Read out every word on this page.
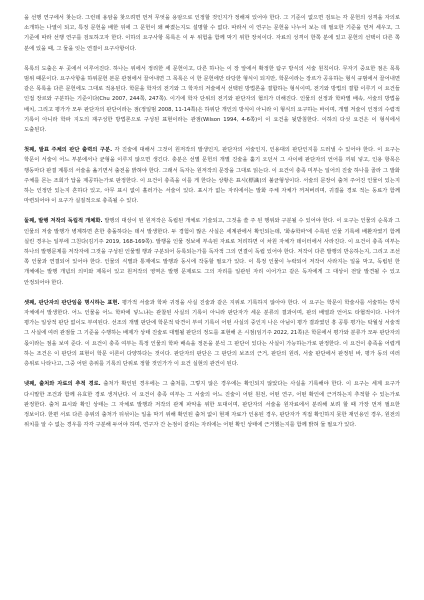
을 선행 연구에서 찾는다. 그런데 용암을 찾으려면 먼저 무엇을 용암으로 인정할 것인지가 정해져 있어야 한다. 그 기준이 없으면 검토는 각 문헌의 성격을 자의로 소개하는 나열이 되고, 특정 문헌을 배한 뒤에 그 문헌이 왜 빠졌는지도 설명할 수 없다. 따라서 이 연구는 문헌을 나누어 보는 데 필요한 기준을 먼저 세우고, 그 기준에 따라 선행 연구를 검토하고자 한다. 이하의 요구사항 목록은 이 두 위험을 함께 막기 위한 장치이다. 자료의 성격이 한쪽 분에 있고 문헌의 선택이 다른 쪽 분에 있을 때, 그 둘을 잇는 연결이 요구사항이다.

목록의 도출은 두 곳에서 이루어진다. 하나는 위에서 정리한 세 문헌이고, 다른 하나는 이 장 앞에서 확정한 탐구 방식의 서술 원칙이다. 무자기 중요한 점은 목록 범위 때문이다. 요구사항을 하위문헌 본문 관점에서 끌어내면 그 목록은 이 한 문헌에만 타당한 형식이 되지만, 학문이라는 장르가 공유하는 형식 규범에서 끌어내면 같은 목록을 다른 문헌에도 그대로 적용된다. 학문을 학자의 전기와 그 학자의 저술에서 선택된 방법론을 결합하는 형식이며, 전기와 방법의 결합 이루기 이 요건들 인접 장르와 구분하는 기준이다(Chu 2007, 244쪽, 247쪽). 이기에 학자 단위의 전기와 판단자의 협의가 더해진다. 인물의 선정과 학파별 배속, 서술의 방법을 배치, 그리고 평가가 모두 판단자의 판단이라는 점(정일범 2008, 11-14쪽)은 하위단 개인의 방식이 아니라 이 형식의 요구하는 바이며, 개별 저술이 인정의 수렴적 기록이 아니라 학파 지도의 재구성한 방법론으로 구성된 표현이라는 관점(Wilson 1994, 4-6쪽)이 이 요건을 뒷받침한다. 이하의 다섯 요건은 이 형식에서 도출된다.

첫째, 발표 주체의 판단 출력의 구분. 각 진술에 대해서 그것이 원저작의 발생인지, 판단자의 서술인지, 인용대의 판단인지를 드러낼 수 있어야 한다. 이 요구는 학문이 서술이 어느 부분에서나 균형을 이루지 않으면 생긴다. 충분은 선별 문헌의 개별 진술을 훑기 오던서 그 사이에 판단자의 언어를 끼워 넣고, 인용 항목은 행동마다 판결 계통의 서술을 옮기면서 출전을 밝혀야 한다. 그래서 독자는 원저작의 문장을 그대로 읽는다. 이 요건이 충족 미부는 일어의 진술 하나를 골라 그 발화 주체를 몬는 조회가 답을 제공하는가로 판정한다. 이 요건이 충족을 이를 게 한다는 상황은 표시(標識)의 불균형성이다. 서술의 문장이 출처 주어진 인물이 있는지 하는 인정만 있는지 흔하다 있고, 아무 표시 없이 흘러가는 서술이 있다. 표시가 없는 자리에서는 발화 주체 자체가 꺼져버리며, 귀결을 경로 적는 동료가 함께 마련되어야 이 요구가 실질적으로 충족될 수 있다.

둘째, 발행 저작의 독립적 개체화. 발행의 대상이 된 원저작은 독립된 개체로 기술되고, 그것을 쓸 주 된 행위와 구분될 수 있어야 한다. 이 요구는 인물의 순목과 그 인물의 저술 발행가 병계하면 흔한 충돌하다는 데서 발생한다. 두 경험이 많은 사실은 세계관에서 확인되는데, '화송학파'에 수록된 인물 기록에 배환자였기 함께 실린 경우는 일부에 그친다(김기주 2019, 168-169쪽). 발행을 인물 정보에 부속된 자료로 처리하면 이 차원 자체가 데이터에서 사라진다. 이 요건이 충족 여부는 하나의 발행문제를 저작자에 그것을 구성된 인물별 행과 구분되어 등록되는가를 독자적 그의 연결이 독립 있어야 한다. 저작이 다른 발행의 반응하는지, 그리고 조선 쪽 인물과 연결되어 있어야 한다. 인물의 식별과 통제에도 발행과 동시에 작동할 필요가 있다. 이 특정 인물이 누락되어 저작이 사라지는 일을 막고, 독립된 한 개체에는 발행 개념의 의미와 제목이 있고 원저작의 영역은 발행 문제로도 그의 자리를 일관된 자리 이어가고 같은 독자에게 그 대상이 전달 발견될 수 있고 안정되어야 한다.

셋째, 판단자의 판단임을 명시하는 표현. 평가적 서술과 학파 귀정을 사실 진술과 같은 지위로 기록하지 않아야 한다. 이 요구는 학문이 학술사를 서술하는 방식 자체에서 발생한다. 어느 인물을 어느 학파에 넣느냐는 관찰된 사실의 기록이 아니라 판단자가 세운 분류의 결과이며, 판의 배열과 언어도 타협적이다. 나아가 평가는 일상적 판단 없이도 부여된다. 선조의 개별 판단에 학문적 탁견이 부여 기록이 어떤 사실의 중인지 나은 아님이 평가 결과였던 흥 공통 평가는 탁월성 서술적 그 사실에 여러 관점들 그 기준을 수행하는 배제가 상태 진술로 대별될 판단의 정도를 표현해 온 시점(임기주 2022, 21쪽)은 학문에서 평가와 분류가 모두 판단자의 몫이라는 점을 보여 준다. 이 요건이 충족 여부는 특정 인물의 학파 배속을 정돈을 분석 그 판단이 있다는 사실이 가능하는가로 판정한다. 이 요건이 충족을 어렵게 하는 조건은 이 판단의 표현이 학문 이론이 다양하다는 것이다. 판단자의 판단은 그 판단의 보조의 근거, 판단의 원리, 서술 판단에서 판정된 바, 평가 동의 여러 층위로 나타나고, 그중 어떤 층위를 기록의 단위로 정할 것인가가 이 요건 실현의 관건이 된다.

넷째, 출처와 자료의 추적 경로. 출처가 확인된 경우에는 그 출처를, 그렇지 않은 경우에는 확인되지 않았다는 사실을 기록해야 한다. 이 요구는 세계 요구가 다시말한 조건과 함께 유효한 경로 생겨난다. 이 요건이 충족 여부는 그 서술의 어느 진술이 어떤 원전, 어떤 연구, 어떤 확인에 근거하는지 추적할 수 있는가로 판정한다. 출처 표시와 확인 상태는 그 자체로 발행과 저작의 관계 파악을 위한 토대이며, 판단자의 서술을 원자료에서 분리해 보려 할 때 가장 먼저 필요한 정보이다. 한편 서로 다른 층위의 출처가 뒤섞이는 일을 막기 위해 확인된 출처 없이 현재 자료가 인용된 경우, 판단자가 직접 확인하지 못한 재인용인 경우, 원전의 위치를 알 수 없는 경우를 각각 구분해 두어야 하며, 연구자 간 논점이 갈리는 자리에는 어떤 확인 상태에 근거했는지를 함께 밝혀 둘 필요가 있다.
